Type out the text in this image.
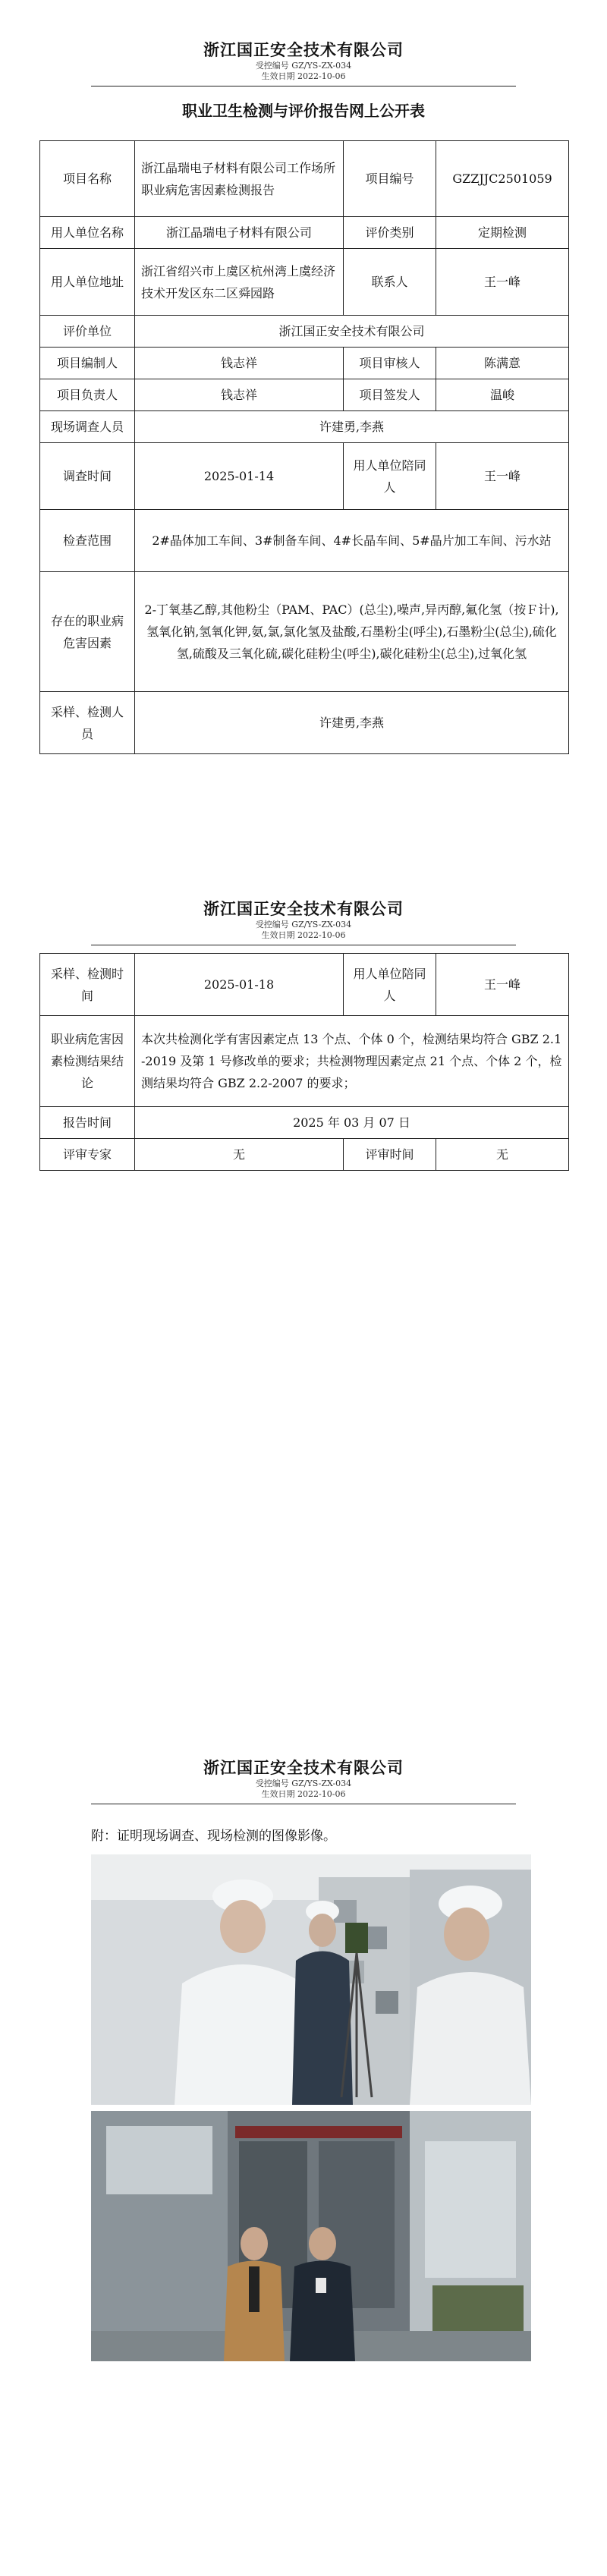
浙江国正安全技术有限公司
受控编号 GZ/YS-ZX-034
生效日期 2022-10-06
职业卫生检测与评价报告网上公开表
项目名称	浙江晶瑞电子材料有限公司工作场所职业病危害因素检测报告	项目编号	GZZJJC2501059
用人单位名称	浙江晶瑞电子材料有限公司	评价类别	定期检测
用人单位地址	浙江省绍兴市上虞区杭州湾上虞经济技术开发区东二区舜园路	联系人	王一峰
评价单位	浙江国正安全技术有限公司		
项目编制人	钱志祥	项目审核人	陈满意
项目负责人	钱志祥	项目签发人	温峻
现场调查人员	许建勇,李燕		
调查时间	2025-01-14	用人单位陪同人	王一峰
检查范围	2#晶体加工车间、3#制备车间、4#长晶车间、5#晶片加工车间、污水站		
存在的职业病危害因素	2-丁氧基乙醇,其他粉尘（PAM、PAC）(总尘),噪声,异丙醇,氟化氢（按Ｆ计),氢氧化钠,氢氧化钾,氨,氯,氯化氢及盐酸,石墨粉尘(呼尘),石墨粉尘(总尘),硫化氢,硫酸及三氧化硫,碳化硅粉尘(呼尘),碳化硅粉尘(总尘),过氧化氢		
采样、检测人员	许建勇,李燕		
浙江国正安全技术有限公司
受控编号 GZ/YS-ZX-034
生效日期 2022-10-06
采样、检测时间	2025-01-18	用人单位陪同人	王一峰
职业病危害因素检测结果结论	本次共检测化学有害因素定点 13 个点、个体 0 个，检测结果均符合 GBZ 2.1-2019 及第 1 号修改单的要求；共检测物理因素定点 21 个点、个体 2 个，检测结果均符合 GBZ 2.2-2007 的要求；		
报告时间	2025 年 03 月 07 日		
评审专家	无	评审时间	无
浙江国正安全技术有限公司
受控编号 GZ/YS-ZX-034
生效日期 2022-10-06
附：证明现场调查、现场检测的图像影像。
